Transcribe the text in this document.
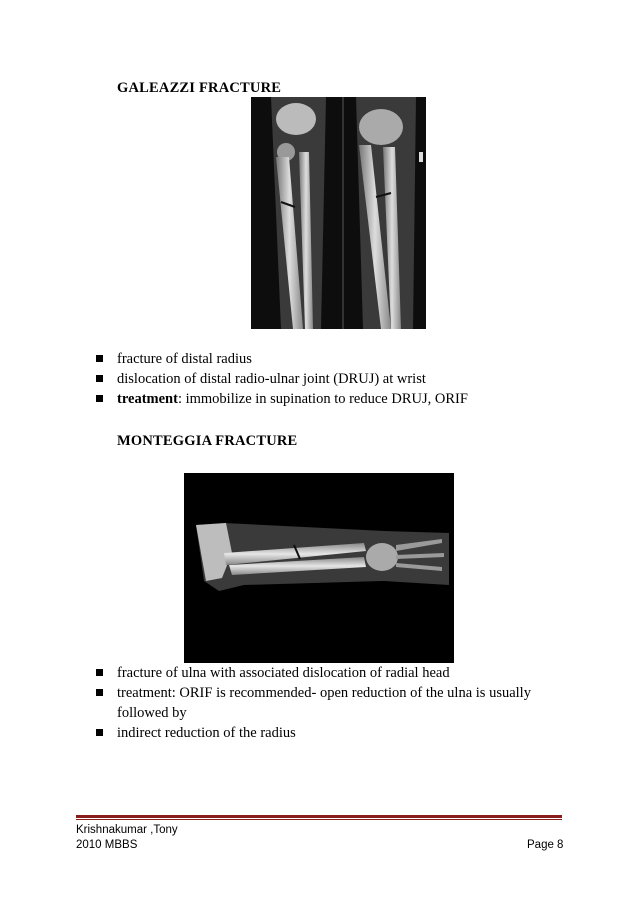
GALEAZZI FRACTURE
fracture of distal radius
dislocation of distal radio-ulnar joint (DRUJ) at wrist
treatment: immobilize in supination to reduce DRUJ, ORIF
MONTEGGIA FRACTURE
fracture of ulna with associated dislocation of radial head
treatment: ORIF is recommended- open reduction of the ulna is usually followed by
indirect reduction of the radius
Krishnakumar ,Tony
2010 MBBS	Page 8
